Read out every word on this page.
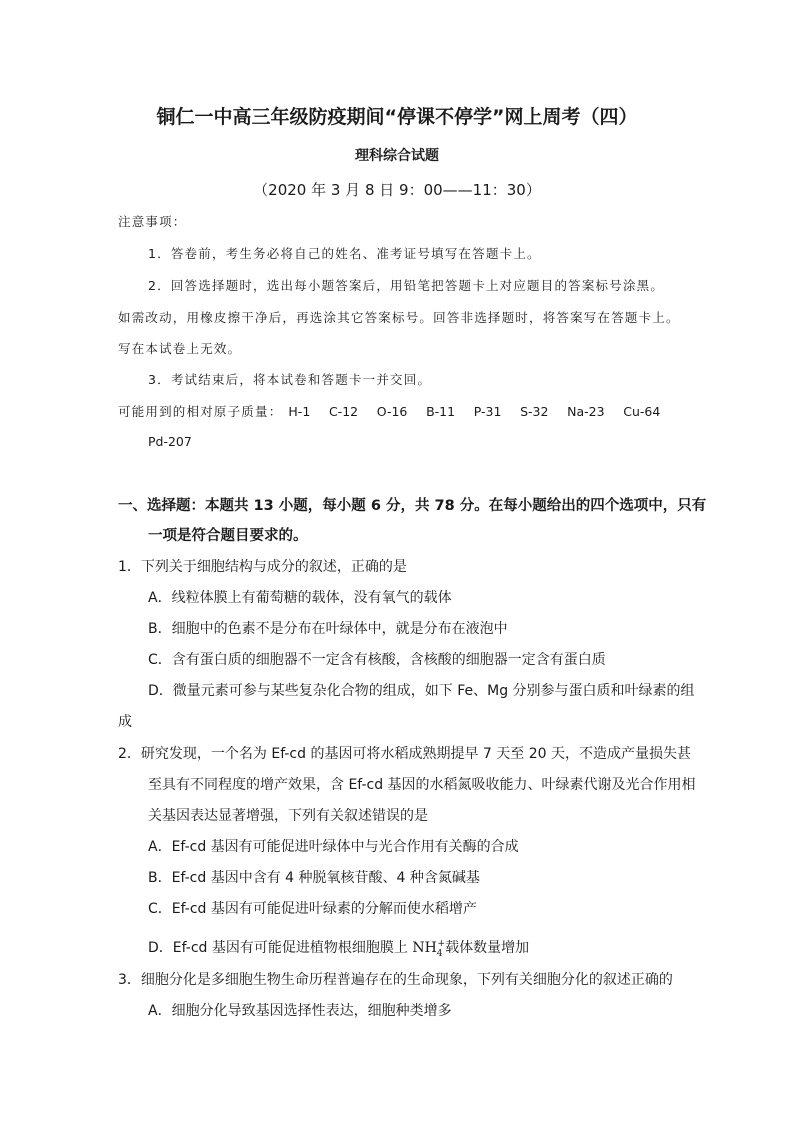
铜仁一中高三年级防疫期间“停课不停学”网上周考（四）
理科综合试题
（2020 年 3 月 8 日 9：00——11：30）
注意事项：
1．答卷前，考生务必将自己的姓名、准考证号填写在答题卡上。
2．回答选择题时，选出每小题答案后，用铅笔把答题卡上对应题目的答案标号涂黑。
如需改动，用橡皮擦干净后，再选涂其它答案标号。回答非选择题时，将答案写在答题卡上。
写在本试卷上无效。
3．考试结束后，将本试卷和答题卡一并交回。
可能用到的相对原子质量： H-1 C-12 O-16 B-11 P-31 S-32 Na-23 Cu-64
Pd-207
一、选择题：本题共 13 小题，每小题 6 分，共 78 分。在每小题给出的四个选项中，只有
一项是符合题目要求的。
1．下列关于细胞结构与成分的叙述，正确的是
A．线粒体膜上有葡萄糖的载体，没有氧气的载体
B．细胞中的色素不是分布在叶绿体中，就是分布在液泡中
C．含有蛋白质的细胞器不一定含有核酸，含核酸的细胞器一定含有蛋白质
D．微量元素可参与某些复杂化合物的组成，如下 Fe、Mg 分别参与蛋白质和叶绿素的组
成
2．研究发现，一个名为 Ef-cd 的基因可将水稻成熟期提早 7 天至 20 天，不造成产量损失甚
至具有不同程度的增产效果，含 Ef-cd 基因的水稻氮吸收能力、叶绿素代谢及光合作用相
关基因表达显著增强，下列有关叙述错误的是
A．Ef-cd 基因有可能促进叶绿体中与光合作用有关酶的合成
B．Ef-cd 基因中含有 4 种脱氧核苷酸、4 种含氮碱基
C．Ef-cd 基因有可能促进叶绿素的分解而使水稻增产
D．Ef-cd 基因有可能促进植物根细胞膜上 $NH_4^+$载体数量增加
3．细胞分化是多细胞生物生命历程普遍存在的生命现象，下列有关细胞分化的叙述正确的
A．细胞分化导致基因选择性表达，细胞种类增多
